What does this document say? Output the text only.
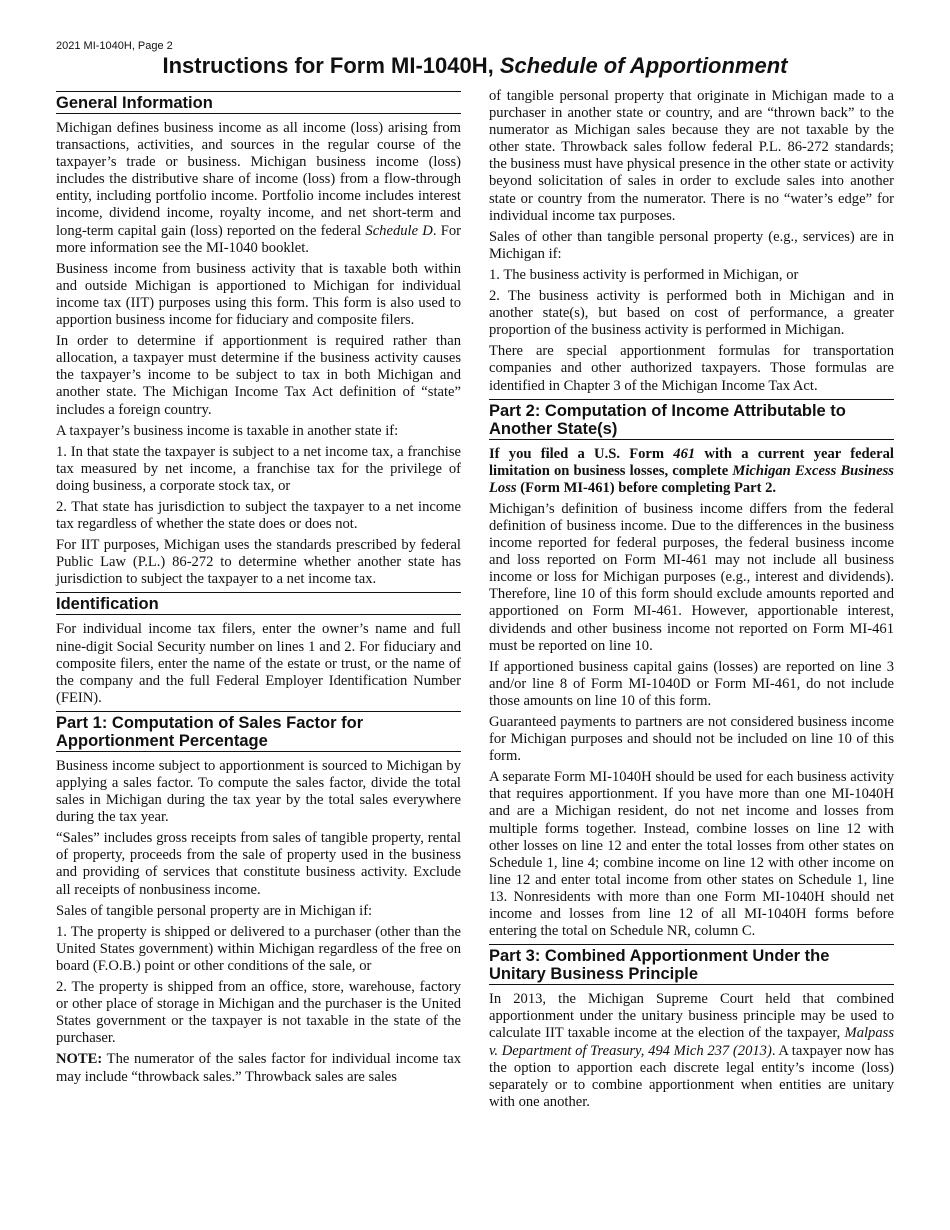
2021 MI-1040H, Page 2
Instructions for Form MI-1040H, Schedule of Apportionment
General Information

Michigan defines business income as all income (loss) arising from transactions, activities, and sources in the regular course of the taxpayer’s trade or business. Michigan business income (loss) includes the distributive share of income (loss) from a flow-through entity, including portfolio income. Portfolio income includes interest income, dividend income, royalty income, and net short-term and long-term capital gain (loss) reported on the federal Schedule D. For more information see the MI-1040 booklet.

Business income from business activity that is taxable both within and outside Michigan is apportioned to Michigan for individual income tax (IIT) purposes using this form. This form is also used to apportion business income for fiduciary and composite filers.

In order to determine if apportionment is required rather than allocation, a taxpayer must determine if the business activity causes the taxpayer’s income to be subject to tax in both Michigan and another state. The Michigan Income Tax Act definition of “state” includes a foreign country.

A taxpayer’s business income is taxable in another state if:

1. In that state the taxpayer is subject to a net income tax, a franchise tax measured by net income, a franchise tax for the privilege of doing business, a corporate stock tax, or

2. That state has jurisdiction to subject the taxpayer to a net income tax regardless of whether the state does or does not.

For IIT purposes, Michigan uses the standards prescribed by federal Public Law (P.L.) 86-272 to determine whether another state has jurisdiction to subject the taxpayer to a net income tax.

Identification

For individual income tax filers, enter the owner’s name and full nine-digit Social Security number on lines 1 and 2. For fiduciary and composite filers, enter the name of the estate or trust, or the name of the company and the full Federal Employer Identification Number (FEIN).

Part 1: Computation of Sales Factor for
Apportionment Percentage

Business income subject to apportionment is sourced to Michigan by applying a sales factor. To compute the sales factor, divide the total sales in Michigan during the tax year by the total sales everywhere during the tax year.

“Sales” includes gross receipts from sales of tangible property, rental of property, proceeds from the sale of property used in the business and providing of services that constitute business activity. Exclude all receipts of nonbusiness income.

Sales of tangible personal property are in Michigan if:

1. The property is shipped or delivered to a purchaser (other than the United States government) within Michigan regardless of the free on board (F.O.B.) point or other conditions of the sale, or

2. The property is shipped from an office, store, warehouse, factory or other place of storage in Michigan and the purchaser is the United States government or the taxpayer is not taxable in the state of the purchaser.

NOTE: The numerator of the sales factor for individual income tax may include “throwback sales.” Throwback sales are sales

of tangible personal property that originate in Michigan made to a purchaser in another state or country, and are “thrown back” to the numerator as Michigan sales because they are not taxable by the other state. Throwback sales follow federal P.L. 86-272 standards; the business must have physical presence in the other state or activity beyond solicitation of sales in order to exclude sales into another state or country from the numerator. There is no “water’s edge” for individual income tax purposes.

Sales of other than tangible personal property (e.g., services) are in Michigan if:

1. The business activity is performed in Michigan, or

2. The business activity is performed both in Michigan and in another state(s), but based on cost of performance, a greater proportion of the business activity is performed in Michigan.

There are special apportionment formulas for transportation companies and other authorized taxpayers. Those formulas are identified in Chapter 3 of the Michigan Income Tax Act.

Part 2: Computation of Income Attributable to
Another State(s)

If you filed a U.S. Form 461 with a current year federal limitation on business losses, complete Michigan Excess Business Loss (Form MI-461) before completing Part 2.

Michigan’s definition of business income differs from the federal definition of business income. Due to the differences in the business income reported for federal purposes, the federal business income and loss reported on Form MI-461 may not include all business income or loss for Michigan purposes (e.g., interest and dividends). Therefore, line 10 of this form should exclude amounts reported and apportioned on Form MI-461. However, apportionable interest, dividends and other business income not reported on Form MI-461 must be reported on line 10.

If apportioned business capital gains (losses) are reported on line 3 and/or line 8 of Form MI-1040D or Form MI-461, do not include those amounts on line 10 of this form.

Guaranteed payments to partners are not considered business income for Michigan purposes and should not be included on line 10 of this form.

A separate Form MI-1040H should be used for each business activity that requires apportionment. If you have more than one MI-1040H and are a Michigan resident, do not net income and losses from multiple forms together. Instead, combine losses on line 12 with other losses on line 12 and enter the total losses from other states on Schedule 1, line 4; combine income on line 12 with other income on line 12 and enter total income from other states on Schedule 1, line 13. Nonresidents with more than one Form MI-1040H should net income and losses from line 12 of all MI-1040H forms before entering the total on Schedule NR, column C.

Part 3: Combined Apportionment Under the
Unitary Business Principle

In 2013, the Michigan Supreme Court held that combined apportionment under the unitary business principle may be used to calculate IIT taxable income at the election of the taxpayer, Malpass v. Department of Treasury, 494 Mich 237 (2013). A taxpayer now has the option to apportion each discrete legal entity’s income (loss) separately or to combine apportionment when entities are unitary with one another.
